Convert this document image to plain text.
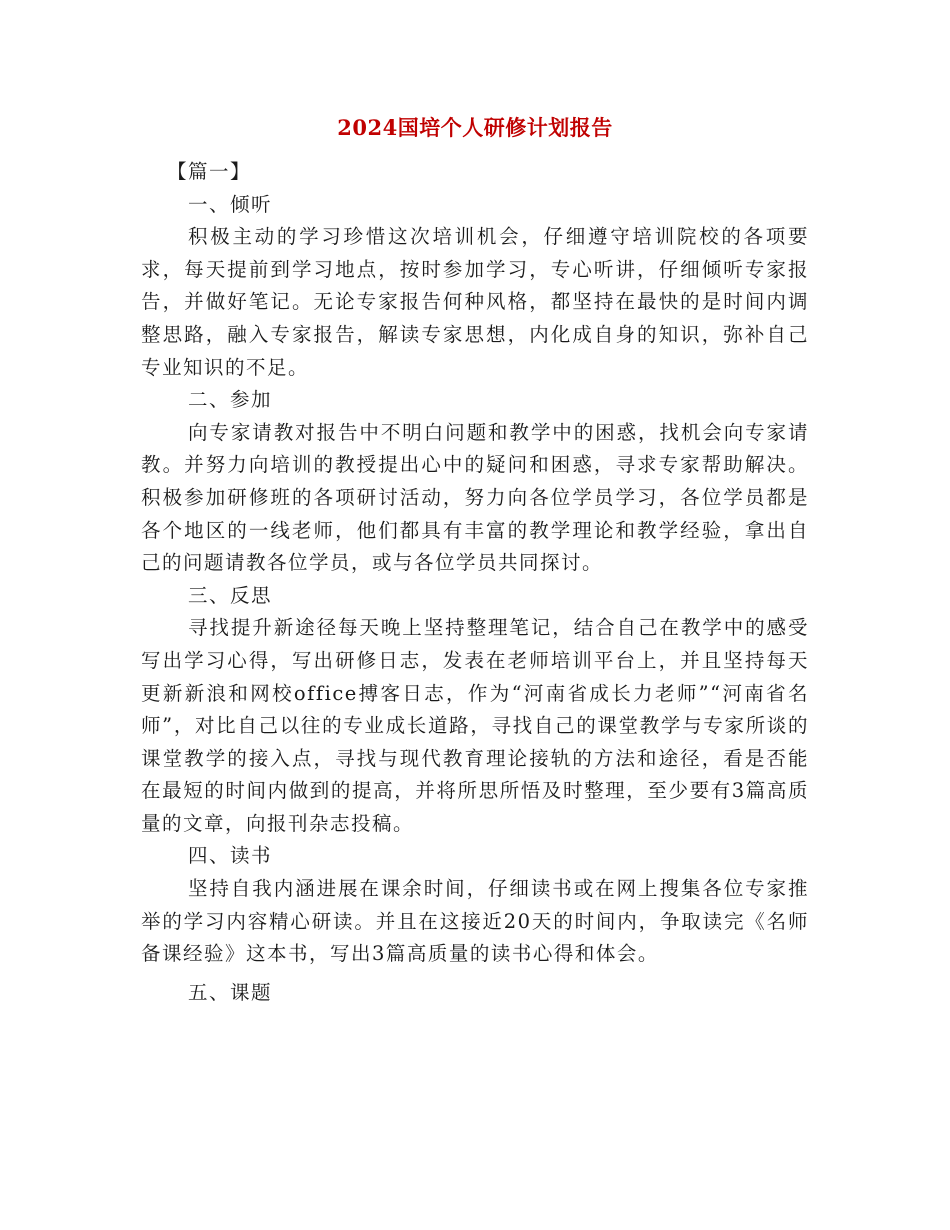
2024国培个人研修计划报告

【篇一】

一、倾听

积极主动的学习珍惜这次培训机会，仔细遵守培训院校的各项要求，每天提前到学习地点，按时参加学习，专心听讲，仔细倾听专家报告，并做好笔记。无论专家报告何种风格，都坚持在最快的是时间内调整思路，融入专家报告，解读专家思想，内化成自身的知识，弥补自己专业知识的不足。

二、参加

向专家请教对报告中不明白问题和教学中的困惑，找机会向专家请教。并努力向培训的教授提出心中的疑问和困惑，寻求专家帮助解决。积极参加研修班的各项研讨活动，努力向各位学员学习，各位学员都是各个地区的一线老师，他们都具有丰富的教学理论和教学经验，拿出自己的问题请教各位学员，或与各位学员共同探讨。

三、反思

寻找提升新途径每天晚上坚持整理笔记，结合自己在教学中的感受写出学习心得，写出研修日志，发表在老师培训平台上，并且坚持每天更新新浪和网校office搏客日志，作为“河南省成长力老师”“河南省名师”，对比自己以往的专业成长道路，寻找自己的课堂教学与专家所谈的课堂教学的接入点，寻找与现代教育理论接轨的方法和途径，看是否能在最短的时间内做到的提高，并将所思所悟及时整理，至少要有3篇高质量的文章，向报刊杂志投稿。

四、读书

坚持自我内涵进展在课余时间，仔细读书或在网上搜集各位专家推举的学习内容精心研读。并且在这接近20天的时间内，争取读完《名师备课经验》这本书，写出3篇高质量的读书心得和体会。

五、课题
